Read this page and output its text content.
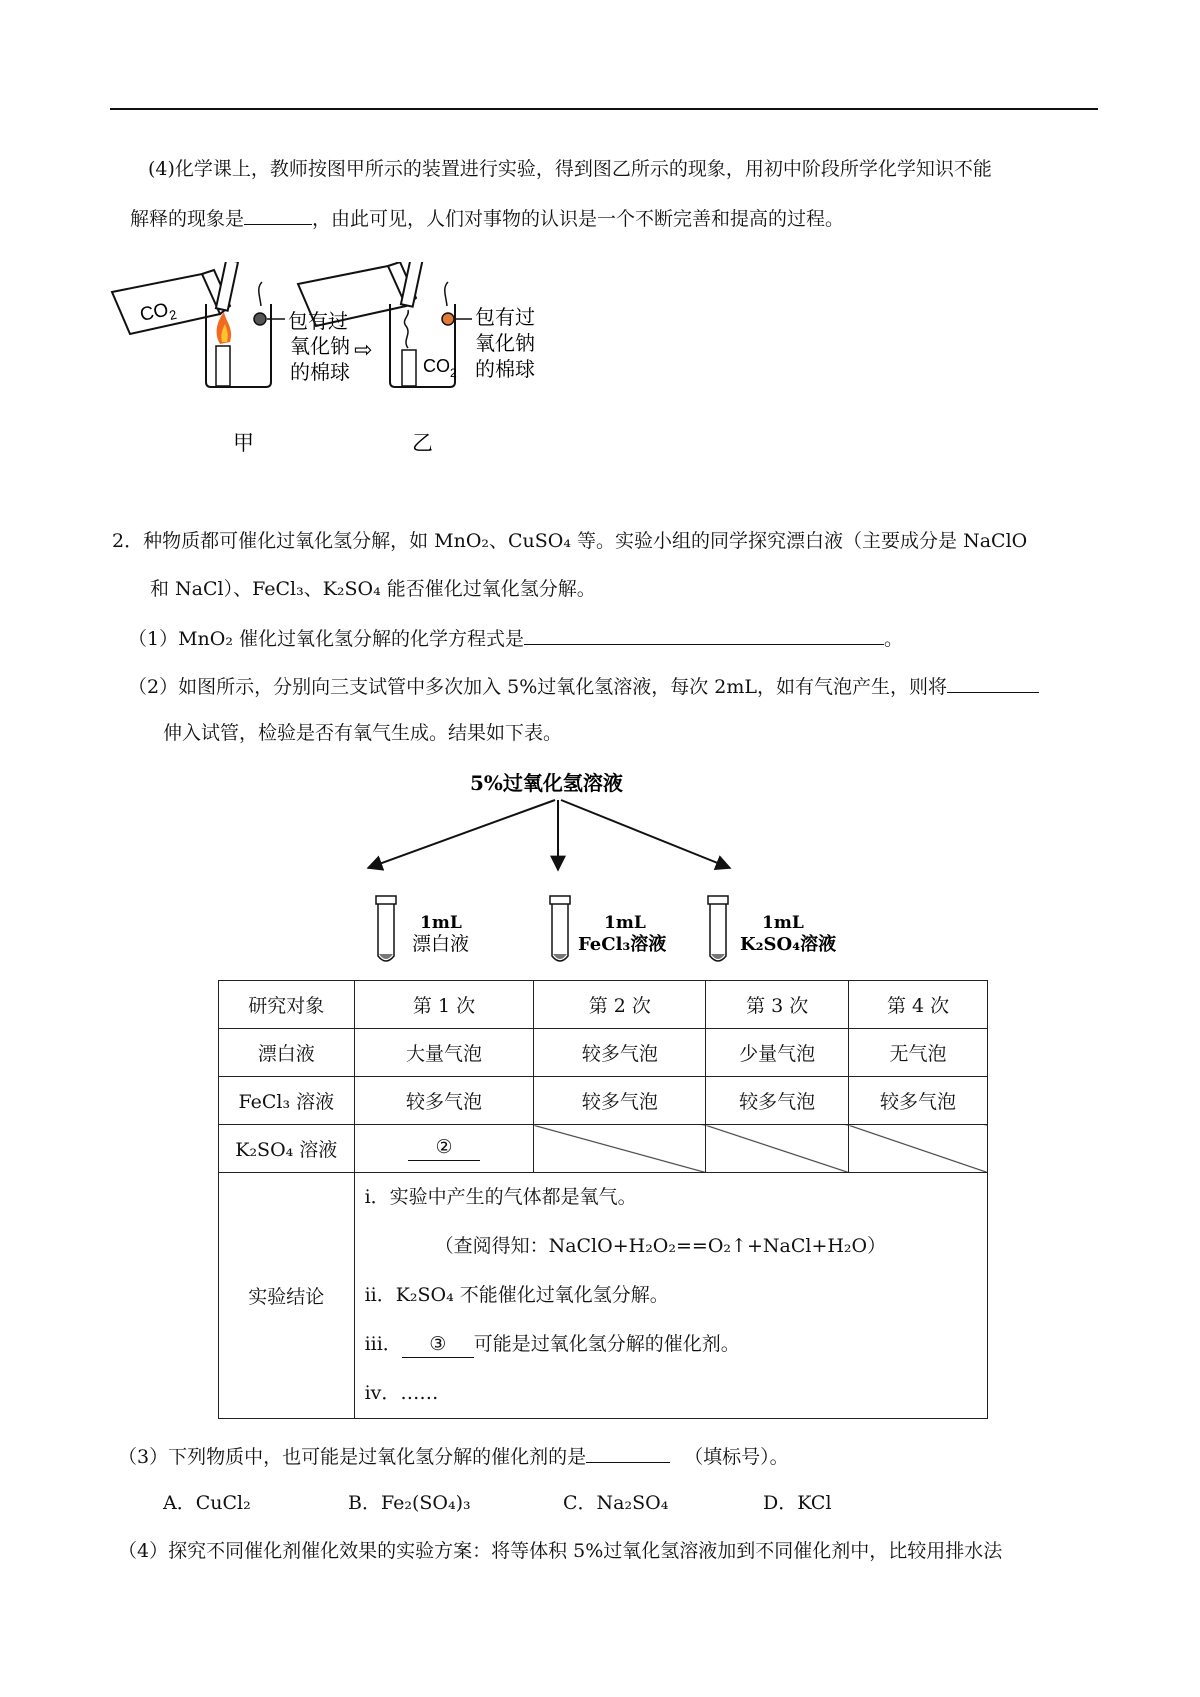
(4)化学课上，教师按图甲所示的装置进行实验，得到图乙所示的现象，用初中阶段所学化学知识不能
解释的现象是	，由此可见，人们对事物的认识是一个不断完善和提高的过程。
$CO_2$	包有过
氧化钠
的棉球
⇨
甲
$CO_2$
包有过
氧化钠
的棉球
乙
2．种物质都可催化过氧化氢分解，如 MnO₂、CuSO₄ 等。实验小组的同学探究漂白液（主要成分是 NaClO
和 NaCl）、FeCl₃、K₂SO₄ 能否催化过氧化氢分解。
（1）MnO₂ 催化过氧化氢分解的化学方程式是	。
（2）如图所示，分别向三支试管中多次加入 5%过氧化氢溶液，每次 2mL，如有气泡产生，则将
伸入试管，检验是否有氧气生成。结果如下表。
5%过氧化氢溶液
1mL
漂白液
1mL
FeCl₃溶液
1mL
K₂SO₄溶液
研究对象	第 1 次	第 2 次	第 3 次	第 4 次
漂白液	大量气泡	较多气泡	少量气泡	无气泡
FeCl₃ 溶液	较多气泡	较多气泡	较多气泡	较多气泡
K₂SO₄ 溶液	②			
实验结论	i．实验中产生的气体都是氧气。
（查阅得知：NaClO+H₂O₂==O₂↑+NaCl+H₂O）
ii．K₂SO₄ 不能催化过氧化氢分解。
iii． ③ 可能是过氧化氢分解的催化剂。
iv．……			
（3）下列物质中，也可能是过氧化氢分解的催化剂的是	（填标号）。
A．CuCl₂	B．Fe₂(SO₄)₃	C．Na₂SO₄	D．KCl
（4）探究不同催化剂催化效果的实验方案：将等体积 5%过氧化氢溶液加到不同催化剂中，比较用排水法
